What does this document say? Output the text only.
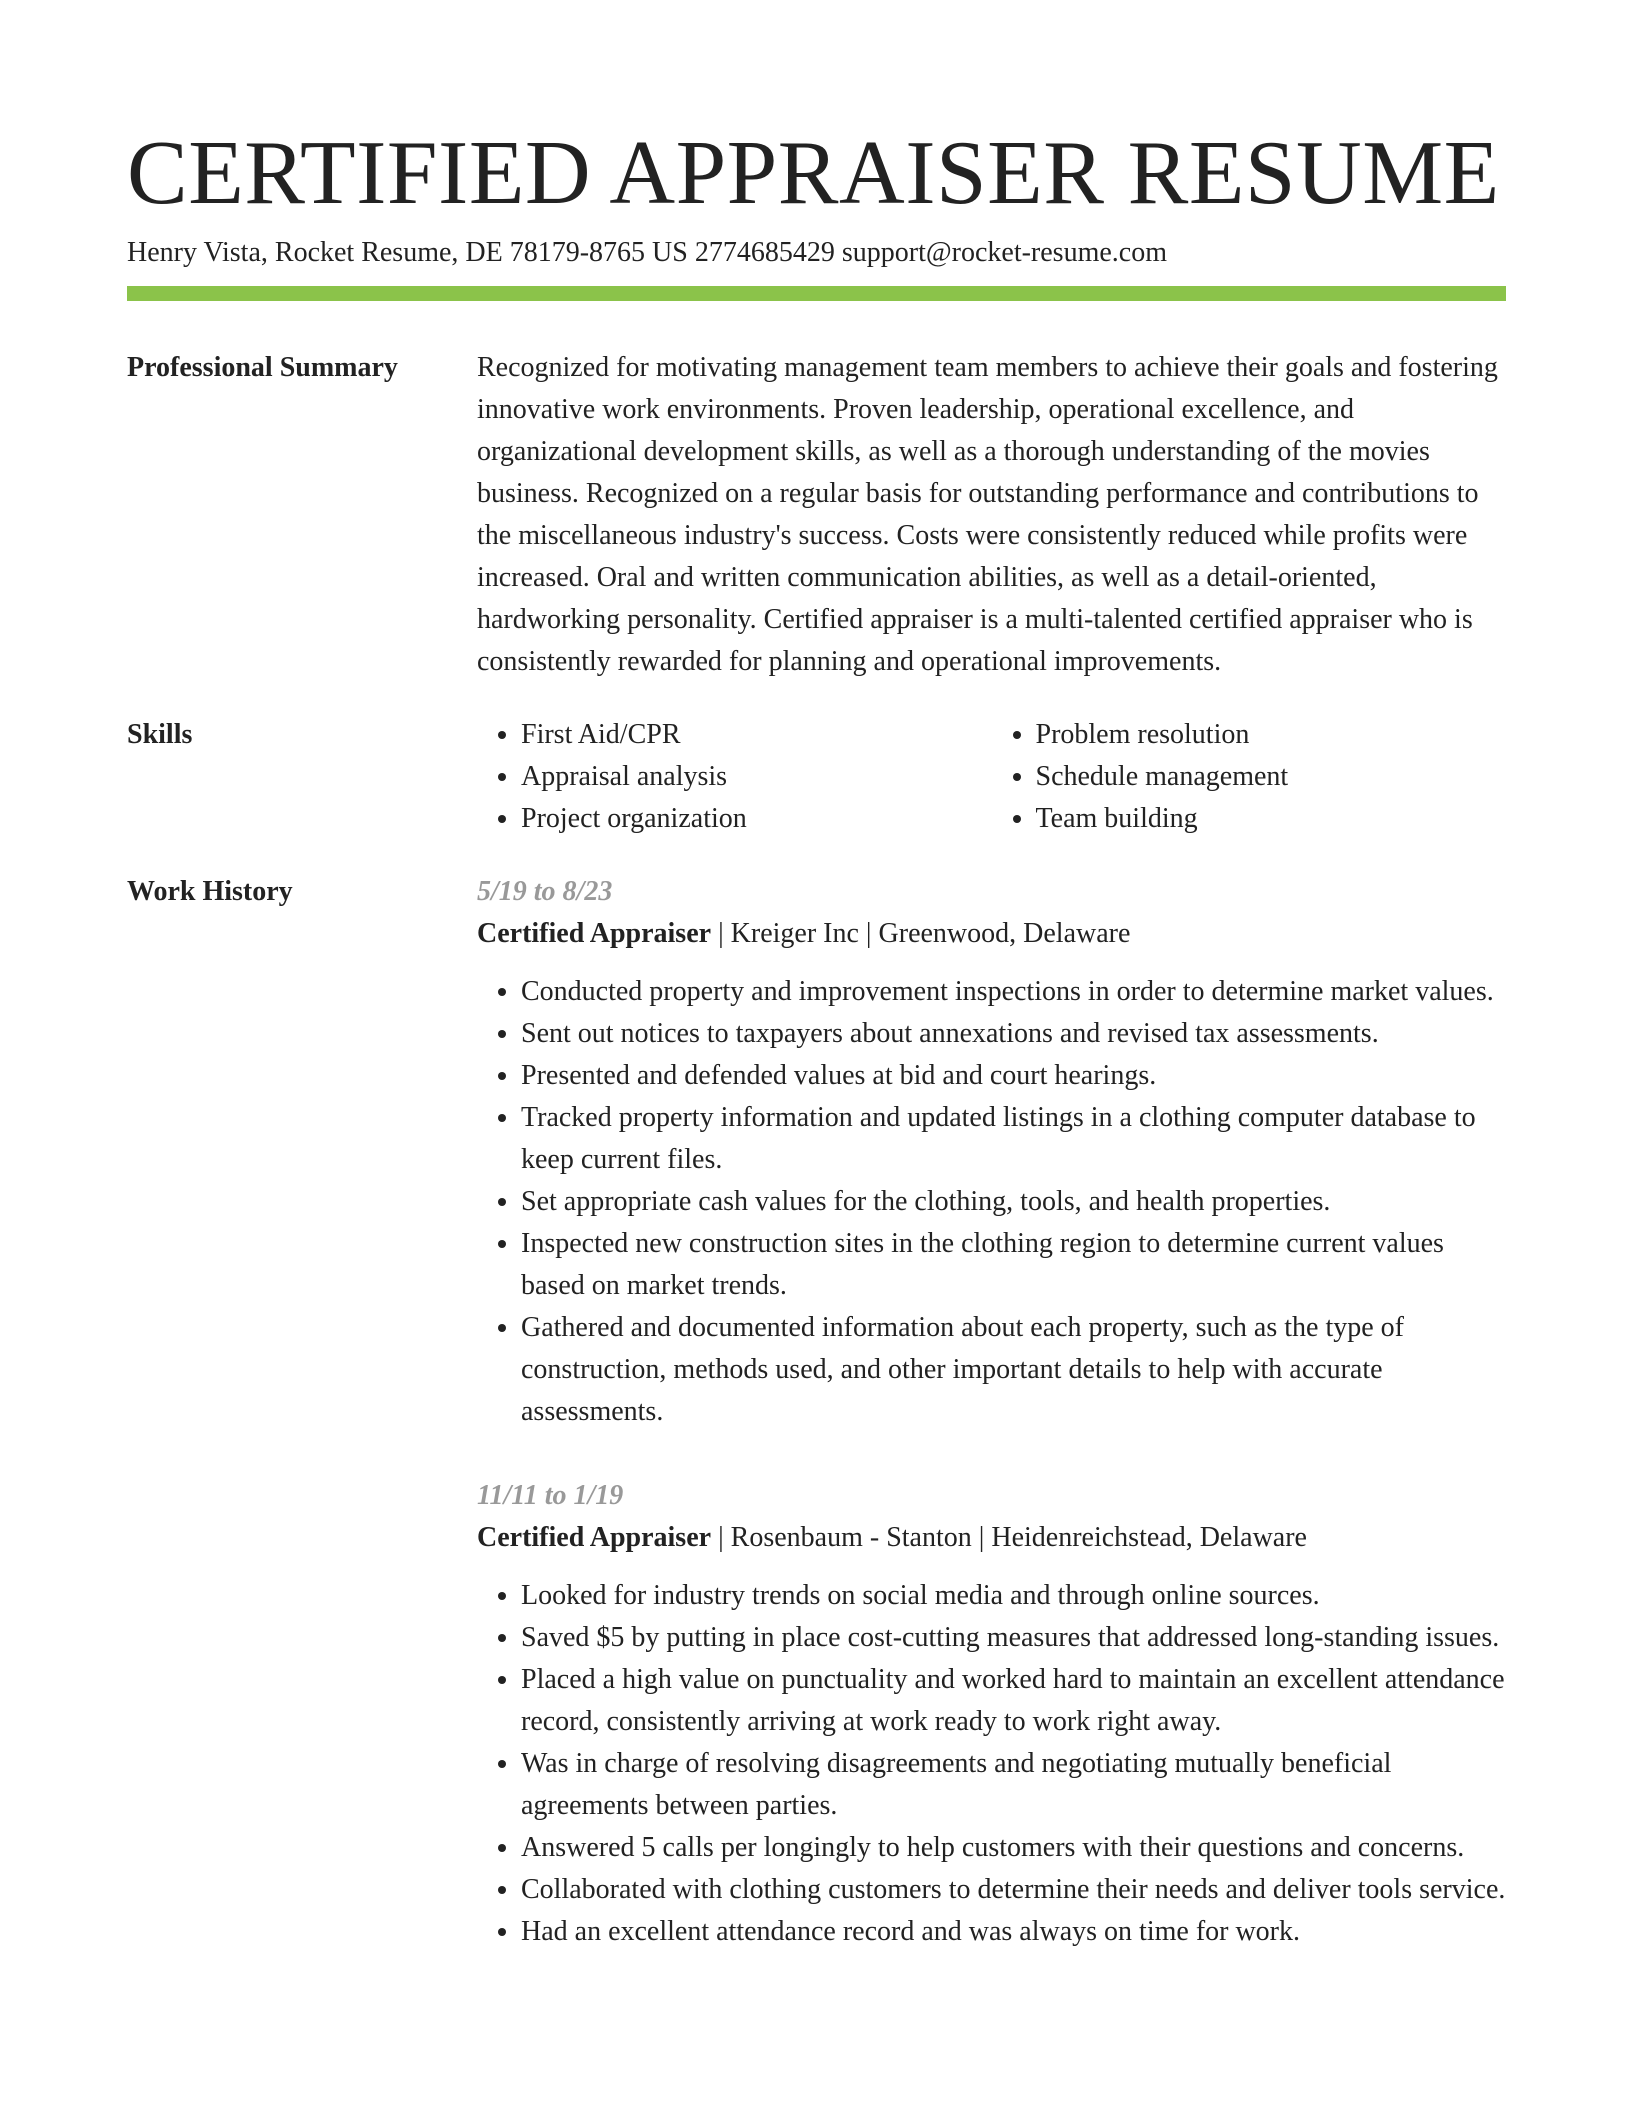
CERTIFIED APPRAISER RESUME
Henry Vista, Rocket Resume, DE 78179-8765 US 2774685429 support@rocket-resume.com
Professional Summary	Recognized for motivating management team members to achieve their goals and fostering innovative work environments. Proven leadership, operational excellence, and organizational development skills, as well as a thorough understanding of the movies business. Recognized on a regular basis for outstanding performance and contributions to the miscellaneous industry's success. Costs were consistently reduced while profits were increased. Oral and written communication abilities, as well as a detail-oriented, hardworking personality. Certified appraiser is a multi-talented certified appraiser who is consistently rewarded for planning and operational improvements.
Skills
•	First Aid/CPR
• Appraisal analysis
• Project organization
• Problem resolution
• Schedule management
• Team building
Work History	5/19 to 8/23
Certified Appraiser | Kreiger Inc | Greenwood, Delaware
• Conducted property and improvement inspections in order to determine market values.
• Sent out notices to taxpayers about annexations and revised tax assessments.
• Presented and defended values at bid and court hearings.
• Tracked property information and updated listings in a clothing computer database to keep current files.
• Set appropriate cash values for the clothing, tools, and health properties.
• Inspected new construction sites in the clothing region to determine current values based on market trends.
• Gathered and documented information about each property, such as the type of construction, methods used, and other important details to help with accurate assessments.
11/11 to 1/19
Certified Appraiser | Rosenbaum - Stanton | Heidenreichstead, Delaware
• Looked for industry trends on social media and through online sources.
• Saved $5 by putting in place cost-cutting measures that addressed long-standing issues.
• Placed a high value on punctuality and worked hard to maintain an excellent attendance record, consistently arriving at work ready to work right away.
• Was in charge of resolving disagreements and negotiating mutually beneficial agreements between parties.
• Answered 5 calls per longingly to help customers with their questions and concerns.
• Collaborated with clothing customers to determine their needs and deliver tools service.
• Had an excellent attendance record and was always on time for work.
